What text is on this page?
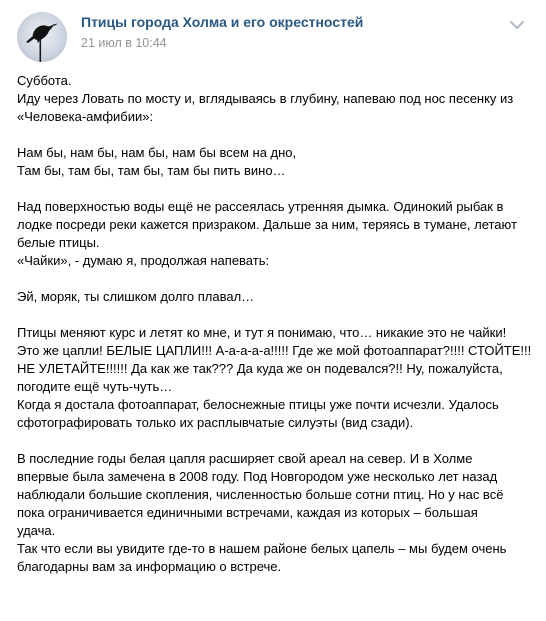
Птицы города Холма и его окрестностей
21 июл в 10:44

Суббота.
Иду через Ловать по мосту и, вглядываясь в глубину, напеваю под нос песенку из
«Человека-амфибии»:

Нам бы, нам бы, нам бы, нам бы всем на дно,
Там бы, там бы, там бы, там бы пить вино…

Над поверхностью воды ещё не рассеялась утренняя дымка. Одинокий рыбак в
лодке посреди реки кажется призраком. Дальше за ним, теряясь в тумане, летают
белые птицы.
«Чайки», - думаю я, продолжая напевать:

Эй, моряк, ты слишком долго плавал…

Птицы меняют курс и летят ко мне, и тут я понимаю, что… никакие это не чайки!
Это же цапли! БЕЛЫЕ ЦАПЛИ!!! А-а-а-а-а!!!!! Где же мой фотоаппарат?!!!! СТОЙТЕ!!!
НЕ УЛЕТАЙТЕ!!!!!! Да как же так??? Да куда же он подевался?!! Ну, пожалуйста,
погодите ещё чуть-чуть…
Когда я достала фотоаппарат, белоснежные птицы уже почти исчезли. Удалось
сфотографировать только их расплывчатые силуэты (вид сзади).

В последние годы белая цапля расширяет свой ареал на север. И в Холме
впервые была замечена в 2008 году. Под Новгородом уже несколько лет назад
наблюдали большие скопления, численностью больше сотни птиц. Но у нас всё
пока ограничивается единичными встречами, каждая из которых – большая
удача.
Так что если вы увидите где-то в нашем районе белых цапель – мы будем очень
благодарны вам за информацию о встрече.
